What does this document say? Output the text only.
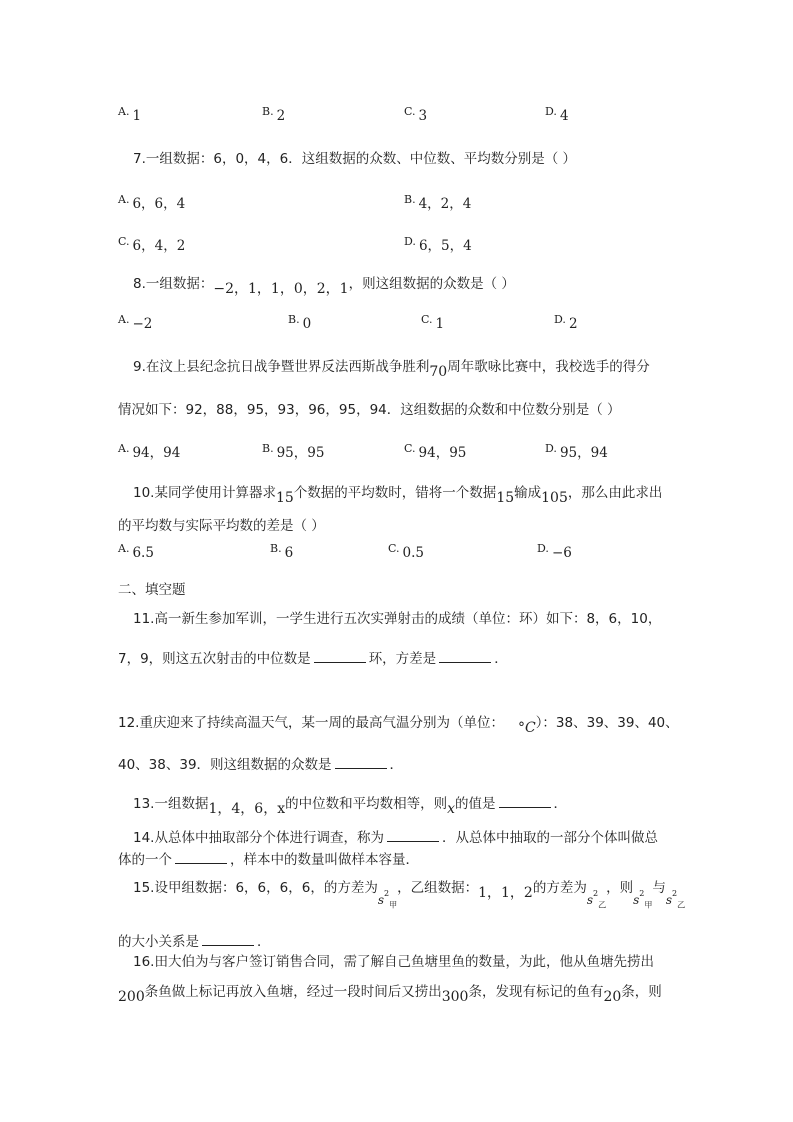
$^{A.}$ 1	$^{B.}$ 2	$^{C.}$ 3	$^{D.}$ 4
7.一组数据：6，0，4，6．这组数据的众数、中位数、平均数分别是（ ）
$^{A.}$ 6，6，4	$^{B.}$ 4，2，4
$^{C.}$ 6，4，2	$^{D.}$ 6，5，4
8.一组数据：−2，1，1，0，2，1，则这组数据的众数是（ ）
$^{A.}$ −2	$^{B.}$ 0	$^{C.}$ 1	$^{D.}$ 2
9.在汶上县纪念抗日战争暨世界反法西斯战争胜利70周年歌咏比赛中，我校选手的得分
情况如下：92，88，95，93，96，95，94．这组数据的众数和中位数分别是（ ）
$^{A.}$ 94，94	$^{B.}$ 95，95	$^{C.}$ 94，95	$^{D.}$ 95，94
10.某同学使用计算器求15个数据的平均数时，错将一个数据15输成105，那么由此求出
的平均数与实际平均数的差是（ ）
$^{A.}$ 6.5	$^{B.}$ 6	$^{C.}$ 0.5	$^{D.}$ −6
二、填空题
11.高一新生参加军训，一学生进行五次实弹射击的成绩（单位：环）如下：8，6，10，
7，9，则这五次射击的中位数是	环，方差是	．
12.重庆迎来了持续高温天气，某一周的最高气温分别为（单位： °C）：38、39、39、40、
40、38、39．则这组数据的众数是	．
13.一组数据1，4，6，x的中位数和平均数相等，则x的值是	．
14.从总体中抽取部分个体进行调查，称为	．从总体中抽取的一部分个体叫做总
体的一个	，样本中的数量叫做样本容量．
15.设甲组数据：6，6，6，6，的方差为$s^2_甲$，乙组数据：1，1，2的方差为$s^2_乙$，则$s^2_甲$与$s^2_乙$
的大小关系是	．
16.田大伯为与客户签订销售合同，需了解自己鱼塘里鱼的数量，为此，他从鱼塘先捞出
200条鱼做上标记再放入鱼塘，经过一段时间后又捞出300条，发现有标记的鱼有20条，则
